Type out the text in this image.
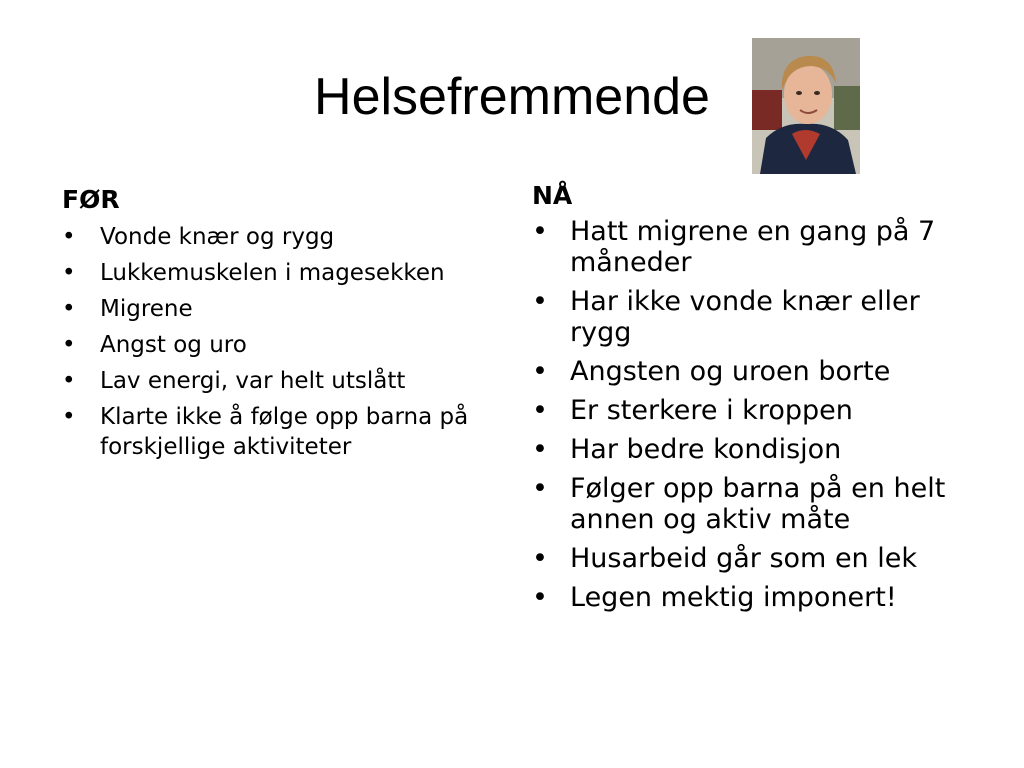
Helsefremmende
FØR
• Vonde knær og rygg
• Lukkemuskelen i magesekken
• Migrene
• Angst og uro
• Lav energi, var helt utslått
• Klarte ikke å følge opp barna på forskjellige aktiviteter
NÅ
• Hatt migrene en gang på 7 måneder
• Har ikke vonde knær eller rygg
• Angsten og uroen borte
• Er sterkere i kroppen
• Har bedre kondisjon
• Følger opp barna på en helt annen og aktiv måte
• Husarbeid går som en lek
• Legen mektig imponert!
